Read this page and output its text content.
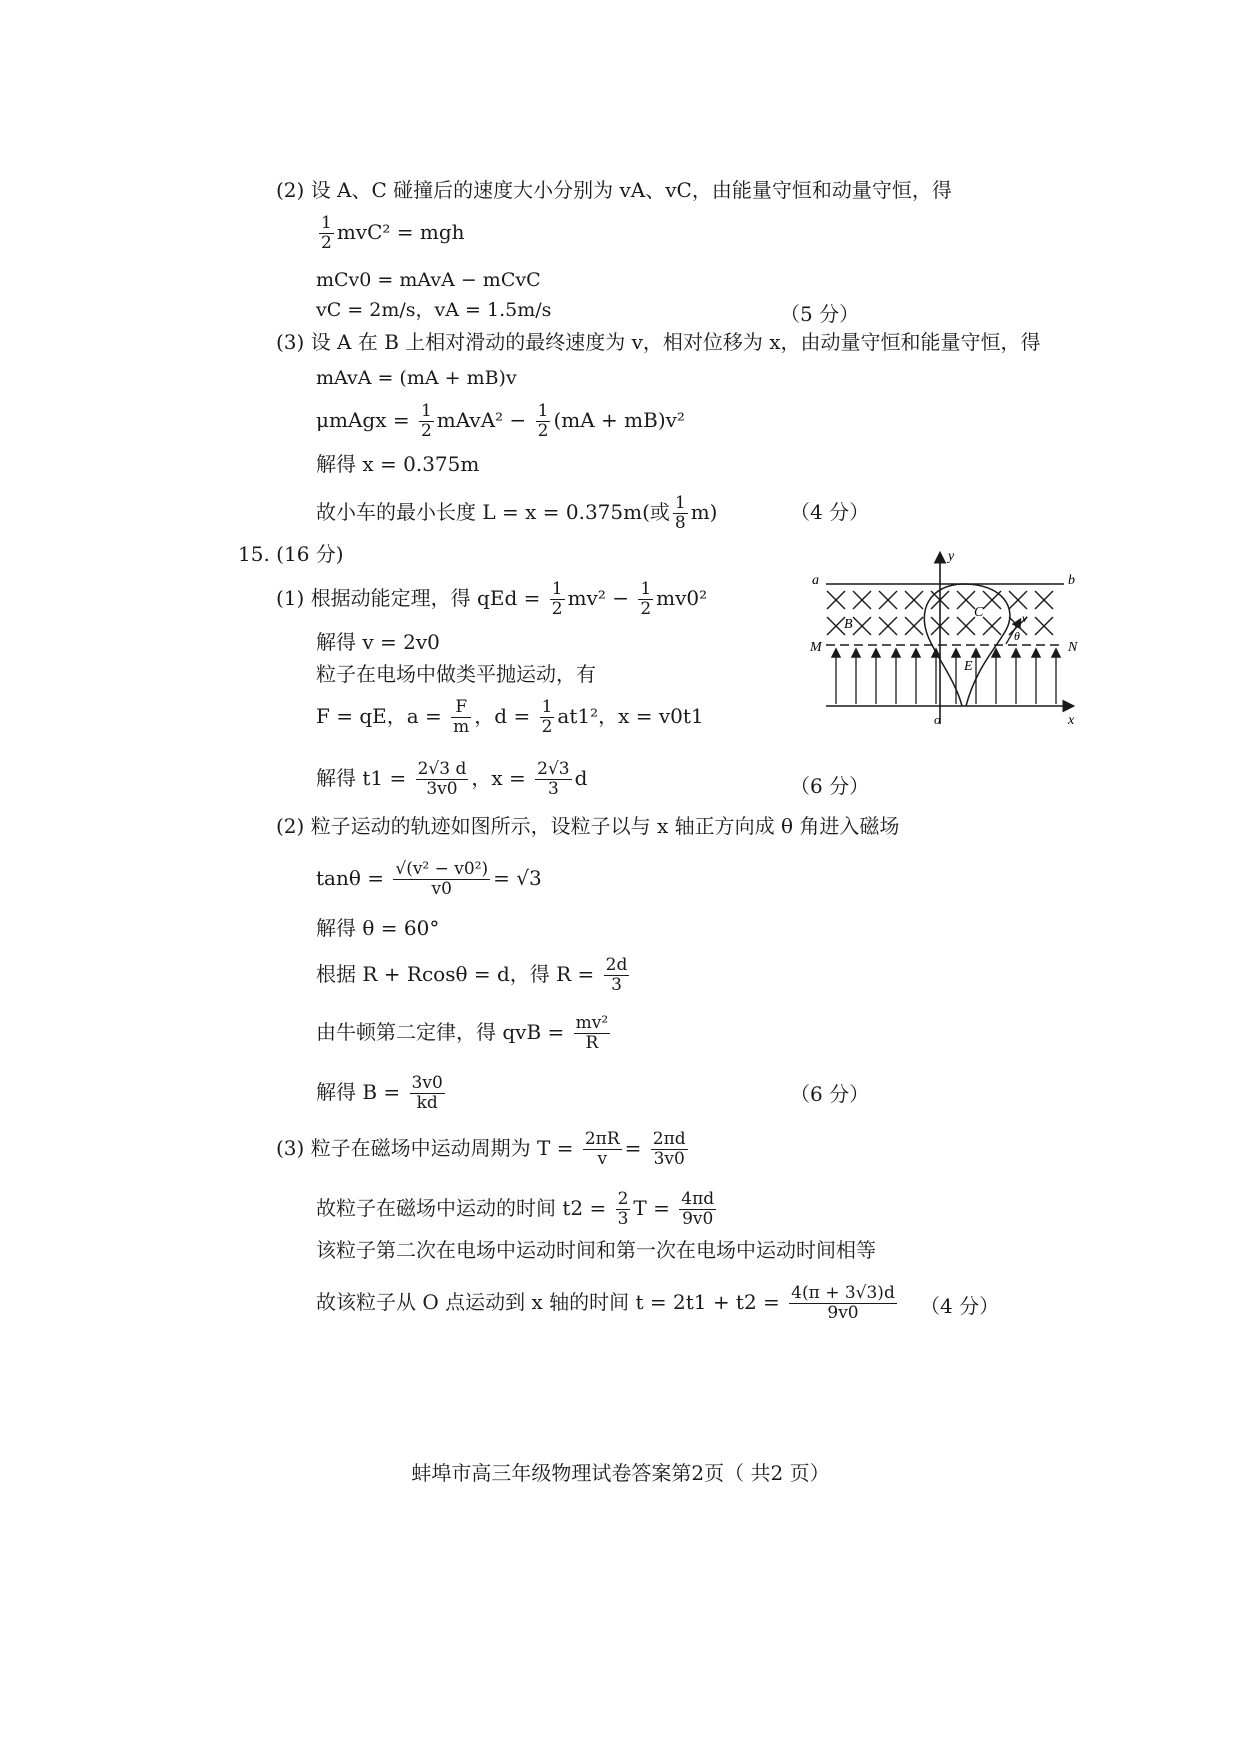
(2) 设 A、C 碰撞后的速度大小分别为 vA、vC，由能量守恒和动量守恒，得
$\frac{1}{2} mvC^2$ = mgh
mCv0 = mAvA − mCvC
vC = 2m/s，vA = 1.5m/s	（5 分）
(3) 设 A 在 B 上相对滑动的最终速度为 v，相对位移为 x，由动量守恒和能量守恒，得
mAvA = (mA + mB)v
μmAgx = $\frac{1}{2}$ mAvA² − $\frac{1}{2} (mA + mB)v^2$
解得 x = 0.375m
故小车的最小长度 L = x = 0.375m(或 $\frac{1}{8} m$)	（4 分）
15. (16 分)
(1) 根据动能定理，得 qEd = $\frac{1}{2} mv^2 - \frac{1}{2} mv0^2$
解得 v = 2v0
粒子在电场中做类平抛运动，有
F = qE，$a = \frac{F}{m}$ ，$d = \frac{1}{2} at1^2$，x = v0t1
解得 $t1 = \frac{2√3 d}{3v0}$ ，$x = \frac{2√3}{3}$ d	（6 分）
(2) 粒子运动的轨迹如图所示，设粒子以与 x 轴正方向成 θ 角进入磁场
$\tan\theta = \frac{\text{√(v² − v0²)}}{v0} = √3$
解得 θ = 60°
根据 R + Rcosθ = d，得 $R = \frac{2d}{3}$
由牛顿第二定律，得 qvB = $\frac{\text{mv²}}{R}$
解得 $B = \frac{3v0}{kd}$	（6 分）
(3) 粒子在磁场中运动周期为 $T = \frac{2\pi R}{v} = \frac{2\pi d}{3v0}$
故粒子在磁场中运动的时间 $t2 = \frac{2}{3}$ $T = \frac{4\pi d}{9v0}$
该粒子第二次在电场中运动时间和第一次在电场中运动时间相等
故该粒子从 O 点运动到 x 轴的时间 $t = 2t1 + t2 = \frac{4(\pi + 3√3)d}{9v0} (4$ 分）
a	b
B
M	N
E
x
y
o
C	v
θ
蚌埠市高三年级物理试卷答案第2页（ 共2 页）
